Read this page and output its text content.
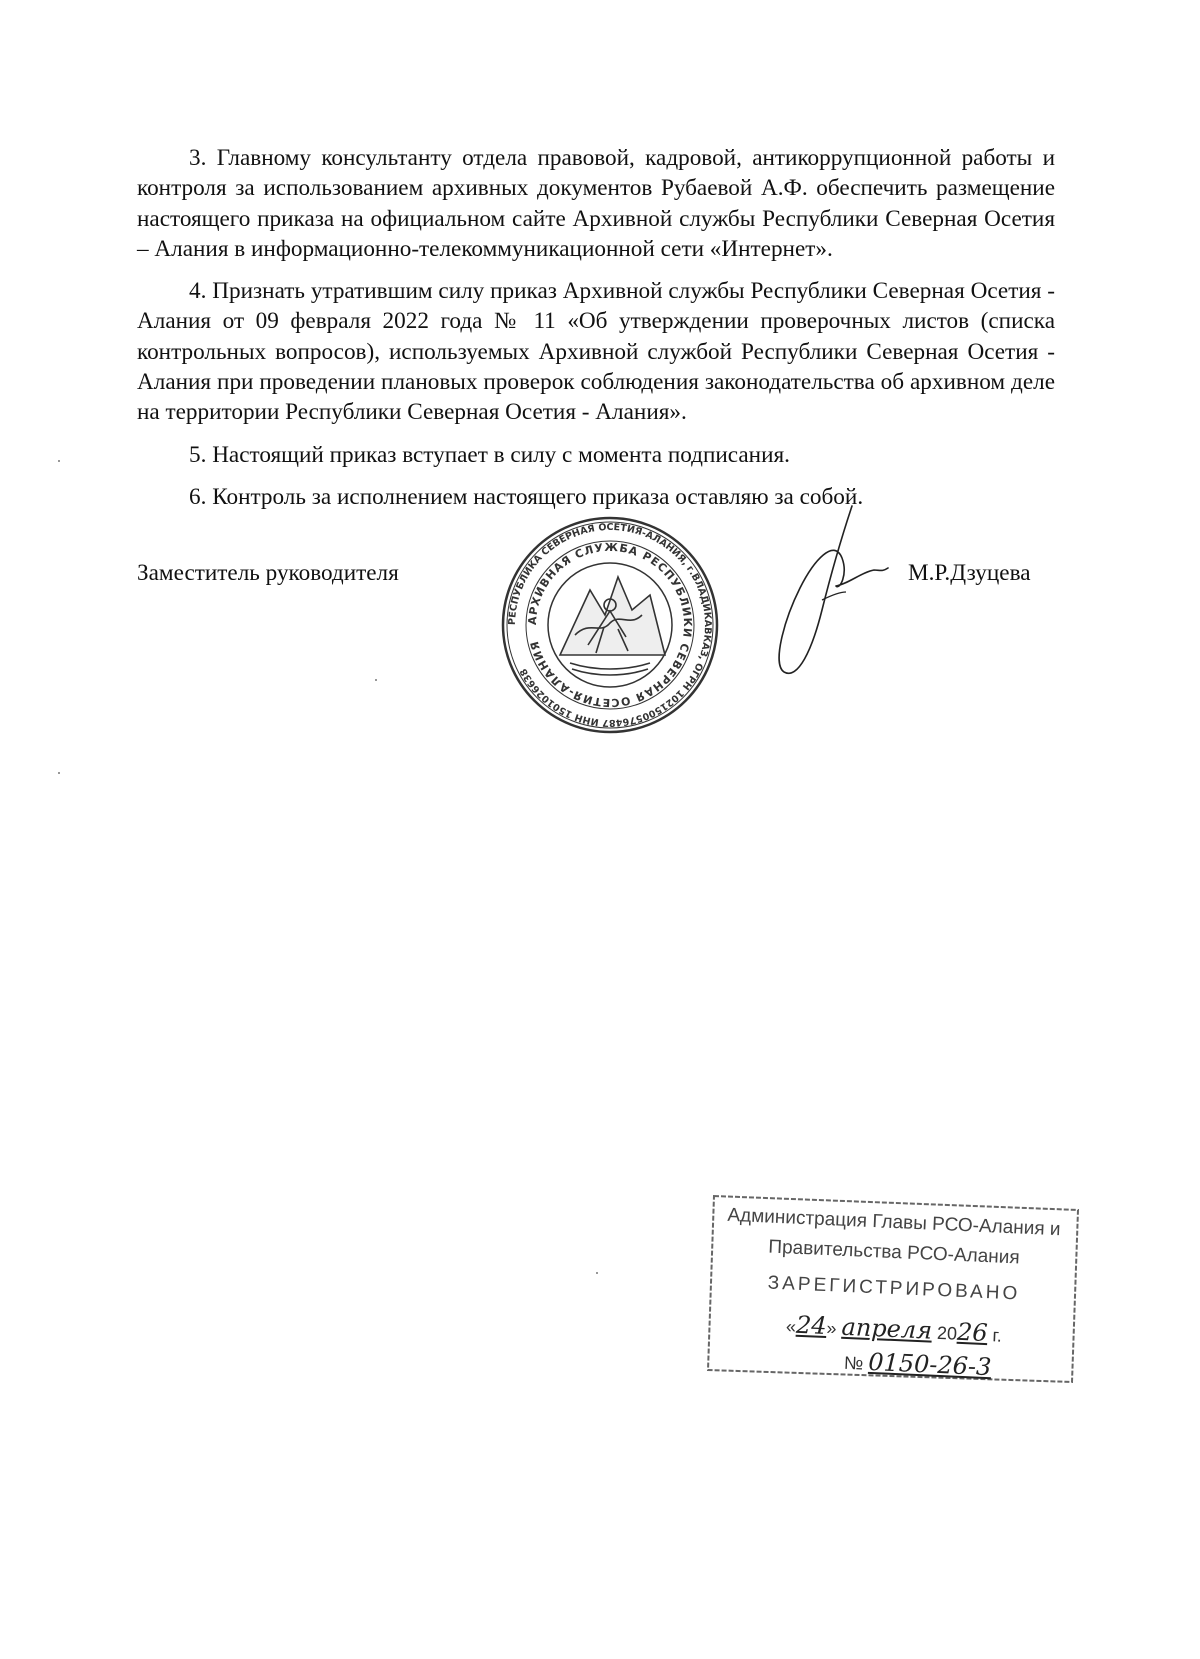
3. Главному консультанту отдела правовой, кадровой, антикоррупционной работы и контроля за использованием архивных документов Рубаевой А.Ф. обеспечить размещение настоящего приказа на официальном сайте Архивной службы Республики Северная Осетия – Алания в информационно-телекоммуникационной сети «Интернет».

4. Признать утратившим силу приказ Архивной службы Республики Северная Осетия - Алания от 09 февраля 2022 года № 11 «Об утверждении проверочных листов (списка контрольных вопросов), используемых Архивной службой Республики Северная Осетия - Алания при проведении плановых проверок соблюдения законодательства об архивном деле на территории Республики Северная Осетия - Алания».

5. Настоящий приказ вступает в силу с момента подписания.

6. Контроль за исполнением настоящего приказа оставляю за собой.

Заместитель руководителя
РЕСПУБЛИКА СЕВЕРНАЯ ОСЕТИЯ-АЛАНИЯ, г.ВЛАДИКАВКАЗ, ОГРН 1021500576487 ИНН 1501026638
АРХИВНАЯ СЛУЖБА РЕСПУБЛИКИ СЕВЕРНАЯ ОСЕТИЯ-АЛАНИЯ
М.Р.Дзуцева
Администрация Главы РСО-Алания и
Правительства РСО-Алания
ЗАРЕГИСТРИРОВАНО
«24» апреля 2026 г.
№ 0150-26-3
